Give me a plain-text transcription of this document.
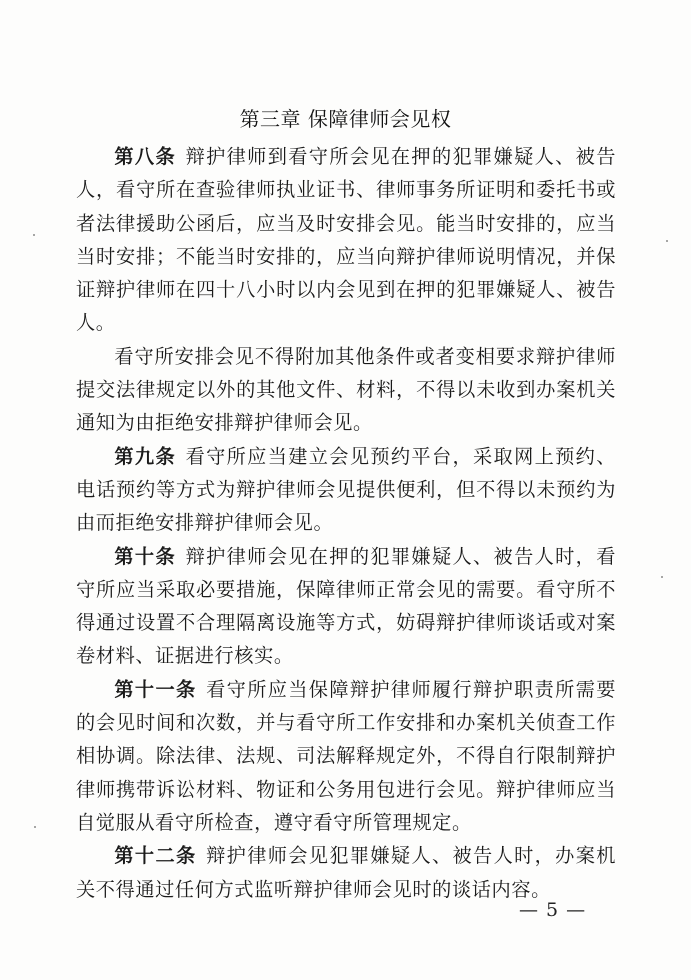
第三章 保障律师会见权

第八条 辩护律师到看守所会见在押的犯罪嫌疑人、被告人，看守所在查验律师执业证书、律师事务所证明和委托书或者法律援助公函后，应当及时安排会见。能当时安排的，应当当时安排；不能当时安排的，应当向辩护律师说明情况，并保证辩护律师在四十八小时以内会见到在押的犯罪嫌疑人、被告人。

看守所安排会见不得附加其他条件或者变相要求辩护律师提交法律规定以外的其他文件、材料，不得以未收到办案机关通知为由拒绝安排辩护律师会见。

第九条 看守所应当建立会见预约平台，采取网上预约、电话预约等方式为辩护律师会见提供便利，但不得以未预约为由而拒绝安排辩护律师会见。

第十条 辩护律师会见在押的犯罪嫌疑人、被告人时，看守所应当采取必要措施，保障律师正常会见的需要。看守所不得通过设置不合理隔离设施等方式，妨碍辩护律师谈话或对案卷材料、证据进行核实。

第十一条 看守所应当保障辩护律师履行辩护职责所需要的会见时间和次数，并与看守所工作安排和办案机关侦查工作相协调。除法律、法规、司法解释规定外，不得自行限制辩护律师携带诉讼材料、物证和公务用包进行会见。辩护律师应当自觉服从看守所检查，遵守看守所管理规定。

第十二条 辩护律师会见犯罪嫌疑人、被告人时，办案机关不得通过任何方式监听辩护律师会见时的谈话内容。

— 5 —
